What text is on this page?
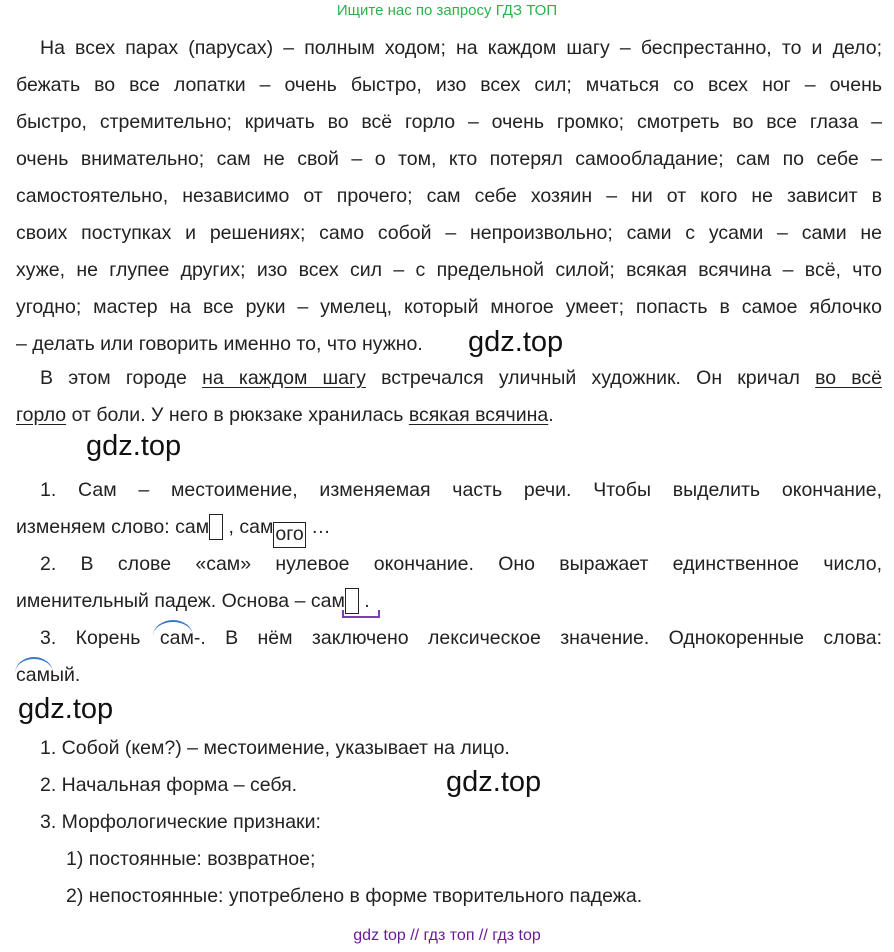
Ищите нас по запросу ГДЗ ТОП
На всех парах (парусах) – полным ходом; на каждом шагу – беспрестанно, то и дело;
бежать во все лопатки – очень быстро, изо всех сил; мчаться со всех ног – очень
быстро, стремительно; кричать во всё горло – очень громко; смотреть во все глаза –
очень внимательно; сам не свой – о том, кто потерял самообладание; сам по себе –
самостоятельно, независимо от прочего; сам себе хозяин – ни от кого не зависит в
своих поступках и решениях; само собой – непроизвольно; сами с усами – сами не
хуже, не глупее других; изо всех сил – с предельной силой; всякая всячина – всё, что
угодно; мастер на все руки – умелец, который многое умеет; попасть в самое яблочко
– делать или говорить именно то, что нужно.	gdz.top
В этом городе на каждом шагу встречался уличный художник. Он кричал во всё
горло от боли. У него в рюкзаке хранилась всякая всячина.
gdz.top
1. Сам – местоимение, изменяемая часть речи. Чтобы выделить окончание,
изменяем слово: сам , сам ого …
2. В слове «сам» нулевое окончание. Оно выражает единственное число,
именительный падеж. Основа – сам .
3. Корень сам-. В нём заключено лексическое значение. Однокоренные слова:
самый.
gdz.top
1. Собой (кем?) – местоимение, указывает на лицо.
2. Начальная форма – себя.
3. Морфологические признаки:
1) постоянные: возвратное;
2) непостоянные: употреблено в форме творительного падежа.
gdz.top
gdz top // гдз топ // гдз top
